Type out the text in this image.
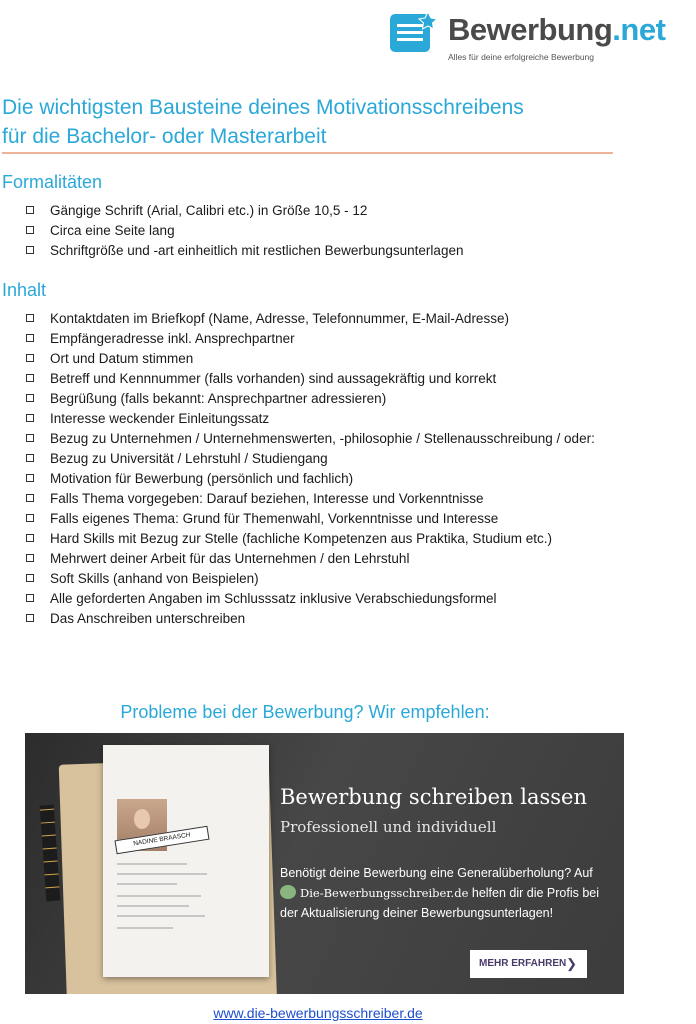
Bewerbung.net
Alles für deine erfolgreiche Bewerbung
Die wichtigsten Bausteine deines Motivationsschreibens
für die Bachelor- oder Masterarbeit
Formalitäten
Gängige Schrift (Arial, Calibri etc.) in Größe 10,5 - 12
Circa eine Seite lang
Schriftgröße und -art einheitlich mit restlichen Bewerbungsunterlagen
Inhalt
Kontaktdaten im Briefkopf (Name, Adresse, Telefonnummer, E-Mail-Adresse)
Empfängeradresse inkl. Ansprechpartner
Ort und Datum stimmen
Betreff und Kennnummer (falls vorhanden) sind aussagekräftig und korrekt
Begrüßung (falls bekannt: Ansprechpartner adressieren)
Interesse weckender Einleitungssatz
Bezug zu Unternehmen / Unternehmenswerten, -philosophie / Stellenausschreibung / oder:
Bezug zu Universität / Lehrstuhl / Studiengang
Motivation für Bewerbung (persönlich und fachlich)
Falls Thema vorgegeben: Darauf beziehen, Interesse und Vorkenntnisse
Falls eigenes Thema: Grund für Themenwahl, Vorkenntnisse und Interesse
Hard Skills mit Bezug zur Stelle (fachliche Kompetenzen aus Praktika, Studium etc.)
Mehrwert deiner Arbeit für das Unternehmen / den Lehrstuhl
Soft Skills (anhand von Beispielen)
Alle geforderten Angaben im Schlusssatz inklusive Verabschiedungsformel
Das Anschreiben unterschreiben
Probleme bei der Bewerbung? Wir empfehlen:
NADINE BRAASCH
Bewerbung schreiben lassen
Professionell und individuell
Benötigt deine Bewerbung eine Generalüberholung? Auf
Die-Bewerbungsschreiber.de helfen dir die Profis bei der Aktualisierung deiner Bewerbungsunterlagen!
MEHR ERFAHREN ❯
www.die-bewerbungsschreiber.de
